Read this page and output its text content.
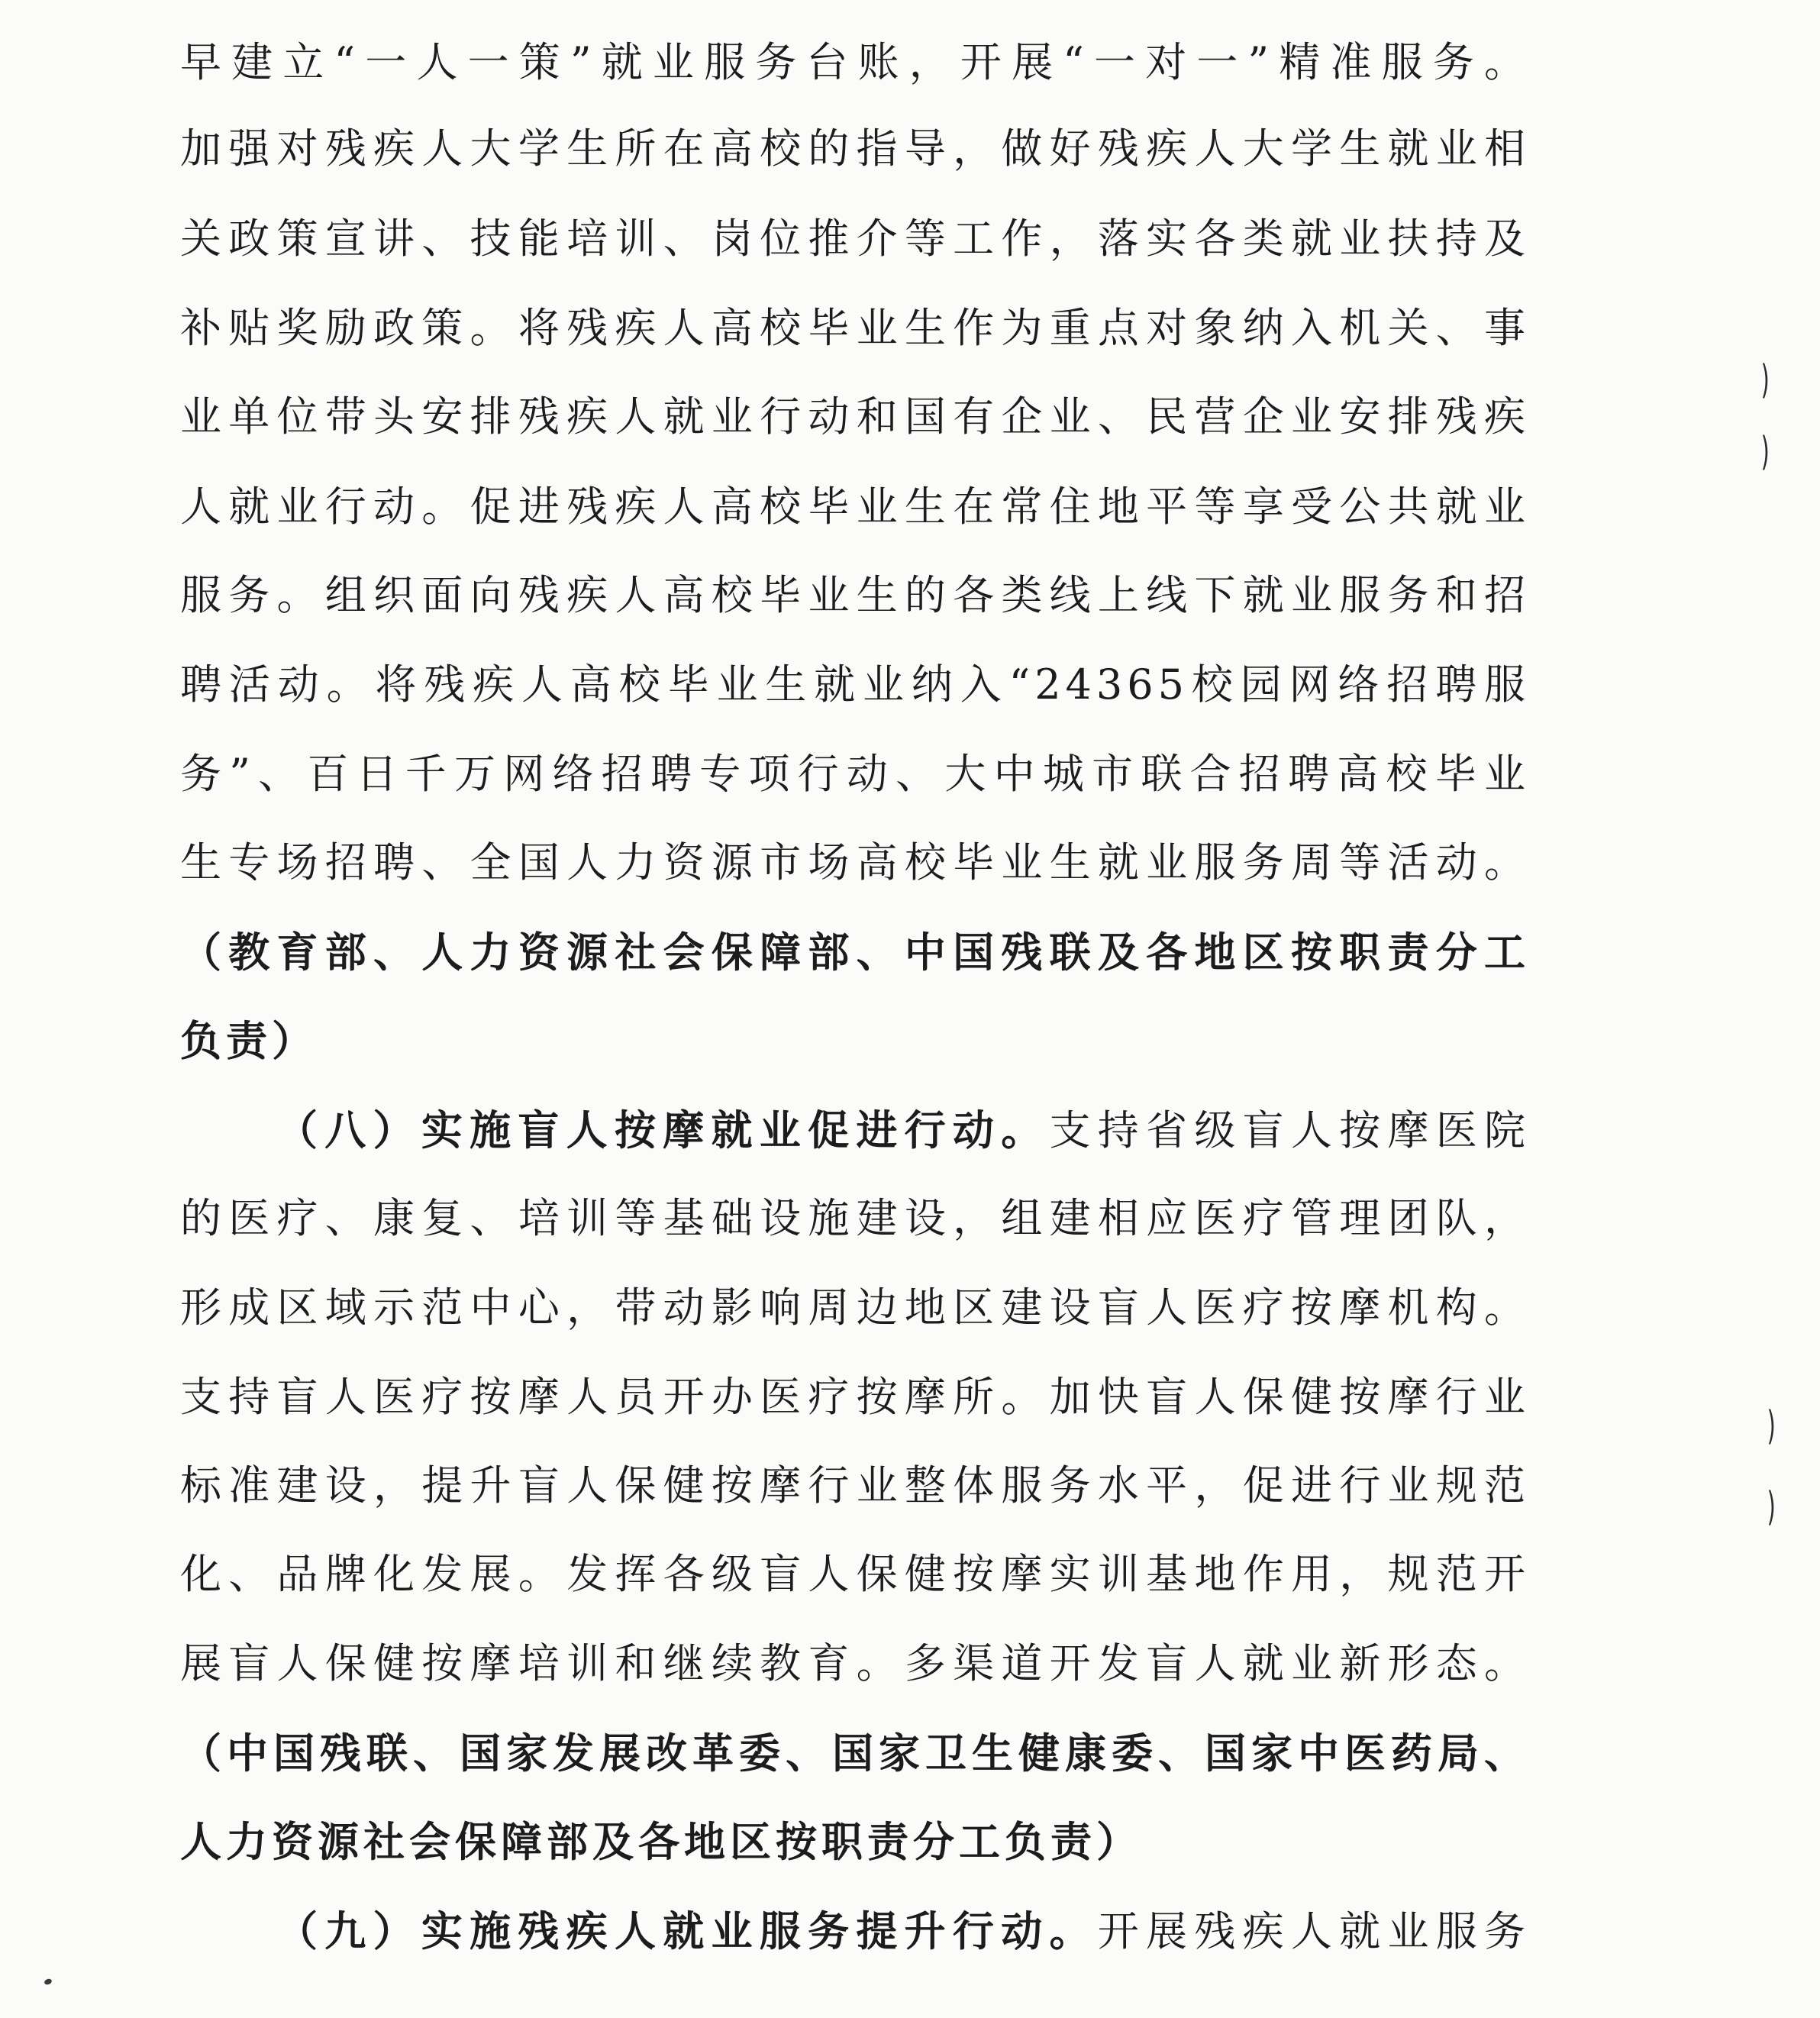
早建立“一人一策”就业服务台账，开展“一对一”精准服务。
加强对残疾人大学生所在高校的指导，做好残疾人大学生就业相
关政策宣讲、技能培训、岗位推介等工作，落实各类就业扶持及
补贴奖励政策。将残疾人高校毕业生作为重点对象纳入机关、事
业单位带头安排残疾人就业行动和国有企业、民营企业安排残疾
人就业行动。促进残疾人高校毕业生在常住地平等享受公共就业
服务。组织面向残疾人高校毕业生的各类线上线下就业服务和招
聘活动。将残疾人高校毕业生就业纳入“24365校园网络招聘服
务”、百日千万网络招聘专项行动、大中城市联合招聘高校毕业
生专场招聘、全国人力资源市场高校毕业生就业服务周等活动。
（教育部、人力资源社会保障部、中国残联及各地区按职责分工
负责）
（八）实施盲人按摩就业促进行动。支持省级盲人按摩医院
的医疗、康复、培训等基础设施建设，组建相应医疗管理团队，
形成区域示范中心，带动影响周边地区建设盲人医疗按摩机构。
支持盲人医疗按摩人员开办医疗按摩所。加快盲人保健按摩行业
标准建设，提升盲人保健按摩行业整体服务水平，促进行业规范
化、品牌化发展。发挥各级盲人保健按摩实训基地作用，规范开
展盲人保健按摩培训和继续教育。多渠道开发盲人就业新形态。
（中国残联、国家发展改革委、国家卫生健康委、国家中医药局、
人力资源社会保障部及各地区按职责分工负责）
（九）实施残疾人就业服务提升行动。开展残疾人就业服务
)
)
)
)
